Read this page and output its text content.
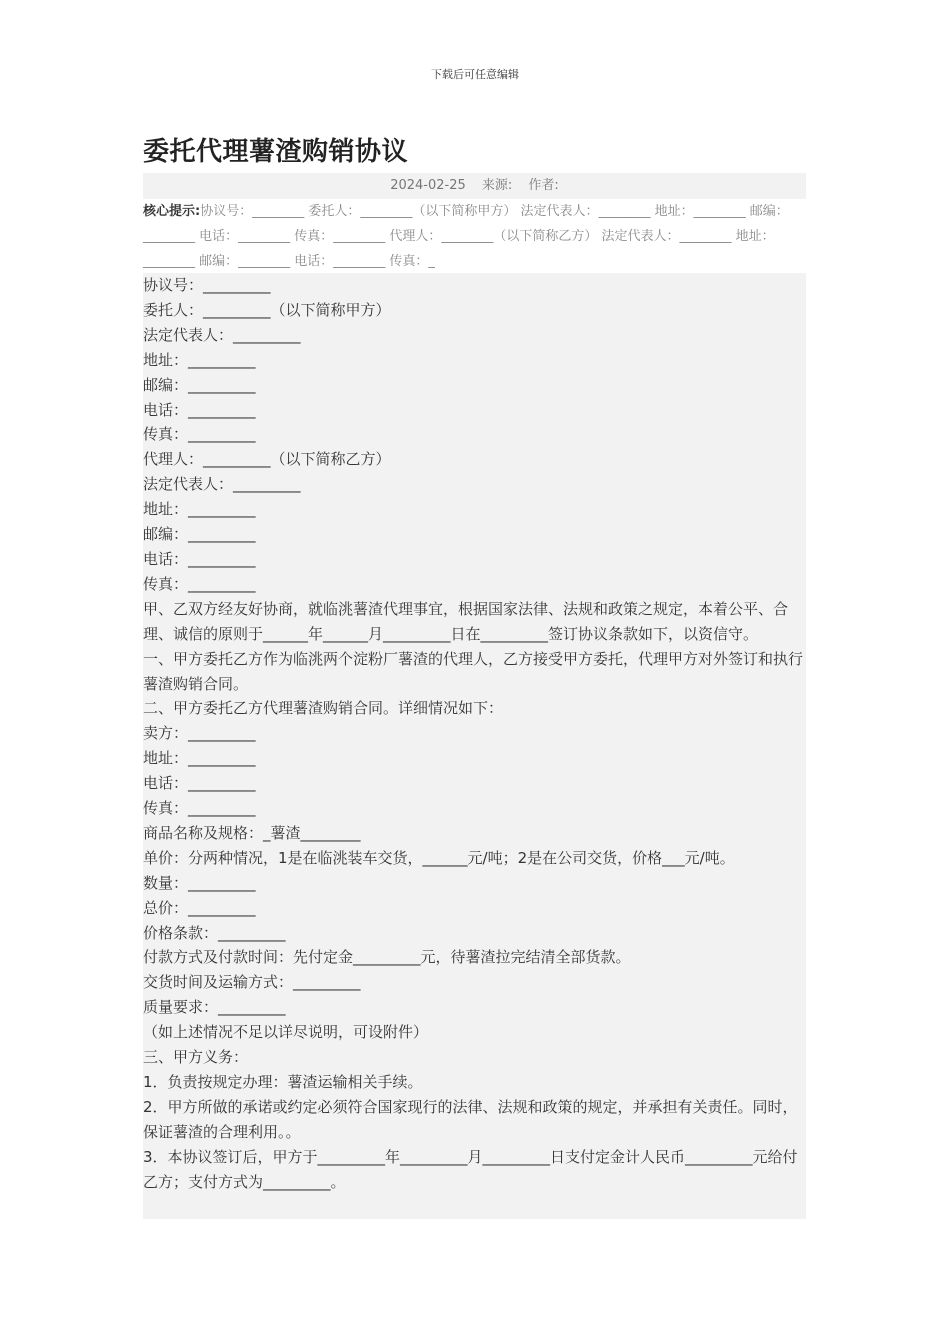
下载后可任意编辑
委托代理薯渣购销协议
2024-02-25 来源: 作者:
核心提示:协议号：________ 委托人：________（以下简称甲方） 法定代表人：________ 地址：________ 邮编：________ 电话：________ 传真：________ 代理人：________（以下简称乙方） 法定代表人：________ 地址：________ 邮编：________ 电话：________ 传真：_

协议号：_________

委托人：_________（以下简称甲方）

法定代表人：_________

地址：_________

邮编：_________

电话：_________

传真：_________

代理人：_________（以下简称乙方）

法定代表人：_________

地址：_________

邮编：_________

电话：_________

传真：_________

甲、乙双方经友好协商，就临洮薯渣代理事宜，根据国家法律、法规和政策之规定，本着公平、合理、诚信的原则于______年______月_________日在_________签订协议条款如下，以资信守。

一、甲方委托乙方作为临洮两个淀粉厂薯渣的代理人，乙方接受甲方委托，代理甲方对外签订和执行薯渣购销合同。

二、甲方委托乙方代理薯渣购销合同。详细情况如下：

卖方：_________

地址：_________

电话：_________

传真：_________

商品名称及规格：_薯渣________

单价：分两种情况，1是在临洮装车交货，______元/吨；2是在公司交货，价格___元/吨。

数量：_________

总价：_________

价格条款：_________

付款方式及付款时间：先付定金_________元，待薯渣拉完结清全部货款。

交货时间及运输方式：_________

质量要求：_________

（如上述情况不足以详尽说明，可设附件）

三、甲方义务：

1．负责按规定办理：薯渣运输相关手续。

2．甲方所做的承诺或约定必须符合国家现行的法律、法规和政策的规定，并承担有关责任。同时，保证薯渣的合理利用。。

3．本协议签订后，甲方于_________年_________月_________日支付定金计人民币_________元给付乙方；支付方式为_________。
